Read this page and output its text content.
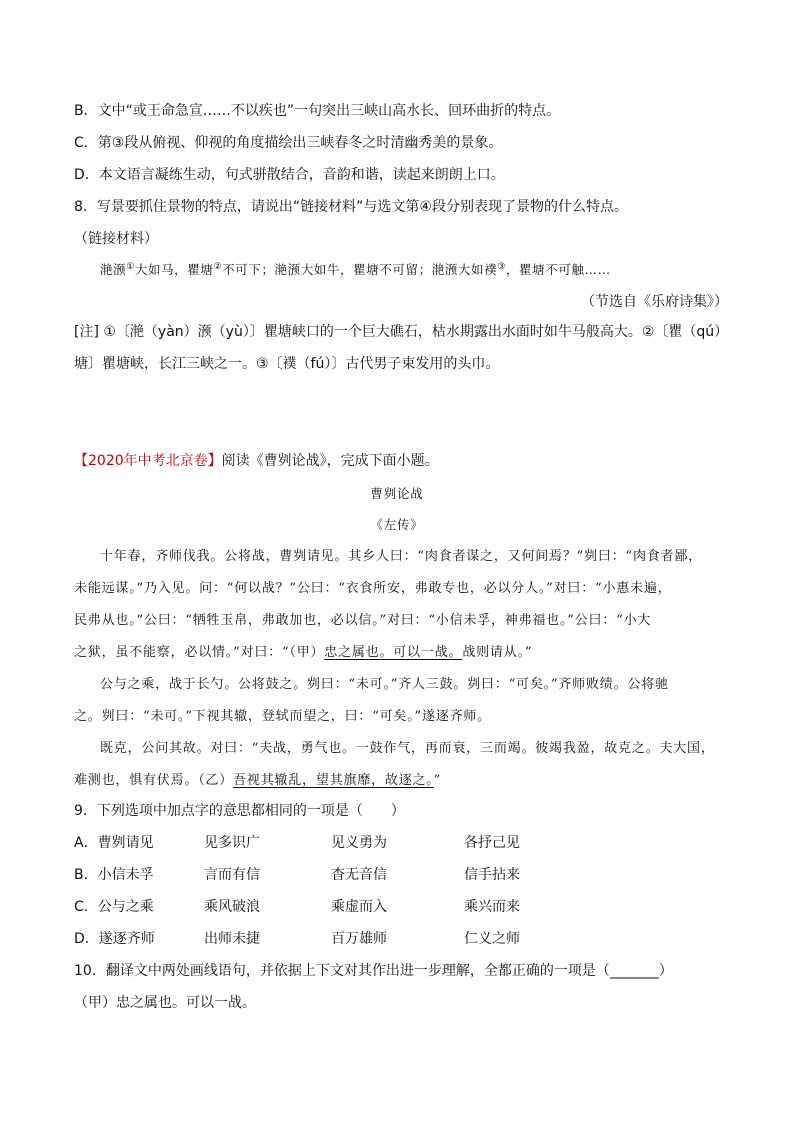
B．文中“或王命急宣……不以疾也”一句突出三峡山高水长、回环曲折的特点。
C．第③段从俯视、仰视的角度描绘出三峡春冬之时清幽秀美的景象。
D．本文语言凝练生动，句式骈散结合，音韵和谐，读起来朗朗上口。
8．写景要抓住景物的特点，请说出“链接材料”与选文第④段分别表现了景物的什么特点。
（链接材料）
滟滪①大如马，瞿塘②不可下；滟滪大如牛，瞿塘不可留；滟滪大如襆③，瞿塘不可触……
（节选自《乐府诗集》）
[注] ①〔滟（yàn）滪（yù）〕瞿塘峡口的一个巨大礁石，枯水期露出水面时如牛马般高大。②〔瞿（qú）
塘〕瞿塘峡，长江三峡之一。③〔襆（fú）〕古代男子束发用的头巾。
【2020年中考北京卷】阅读《曹刿论战》，完成下面小题。
曹刿论战
《左传》
十年春，齐师伐我。公将战，曹刿请见。其乡人曰：“肉食者谋之，又何间焉？”刿曰：“肉食者鄙，
未能远谋。”乃入见。问：“何以战？”公曰：“衣食所安，弗敢专也，必以分人。”对曰：“小惠未遍，
民弗从也。”公曰：“牺牲玉帛，弗敢加也，必以信。”对曰：“小信未孚，神弗福也。”公曰：“小大
之狱，虽不能察，必以情。”对曰：“（甲）忠之属也。可以一战。战则请从。”
公与之乘，战于长勺。公将鼓之。刿曰：“未可。”齐人三鼓。刿曰：“可矣。”齐师败绩。公将驰
之。刿曰：“未可。”下视其辙，登轼而望之，曰：“可矣。”遂逐齐师。
既克，公问其故。对曰：“夫战，勇气也。一鼓作气，再而衰，三而竭。彼竭我盈，故克之。夫大国，
难测也，惧有伏焉。（乙）吾视其辙乱，望其旗靡，故逐之。”
9．下列选项中加点字的意思都相同的一项是（　　）
A．曹刿请见	见多识广	见义勇为	各抒己见
B．小信未孚	言而有信	杳无音信	信手拈来
C．公与之乘	乘风破浪	乘虚而入	乘兴而来
D．遂逐齐师	出师未捷	百万雄师	仁义之师
10．翻译文中两处画线语句，并依据上下文对其作出进一步理解，全都正确的一项是（_______）
（甲）忠之属也。可以一战。
